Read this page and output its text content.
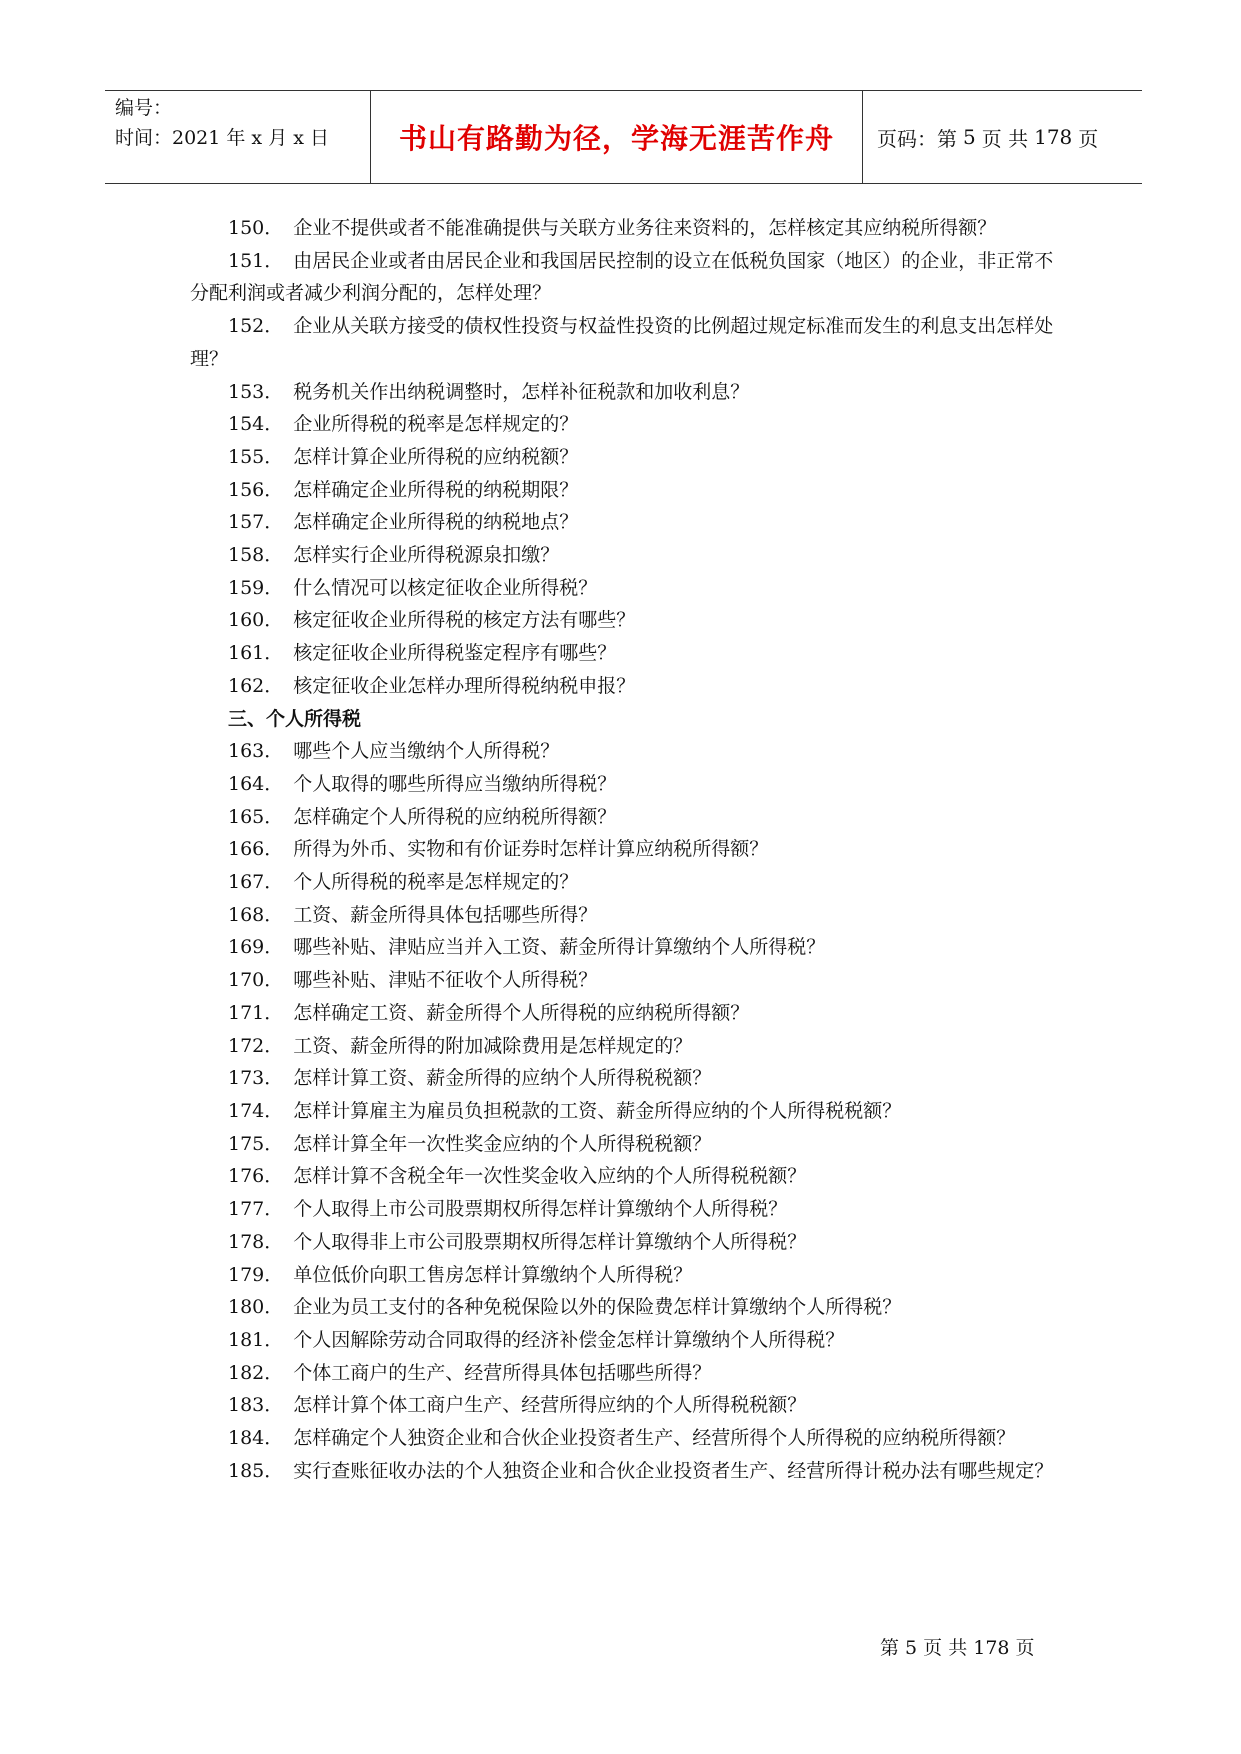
编号：
时间：2021 年 x 月 x 日	书山有路勤为径，学海无涯苦作舟	页码：第 5 页 共 178 页

150． 企业不提供或者不能准确提供与关联方业务往来资料的，怎样核定其应纳税所得额？

151． 由居民企业或者由居民企业和我国居民控制的设立在低税负国家（地区）的企业，非正常不分配利润或者减少利润分配的，怎样处理？

152． 企业从关联方接受的债权性投资与权益性投资的比例超过规定标准而发生的利息支出怎样处理？

153． 税务机关作出纳税调整时，怎样补征税款和加收利息？

154． 企业所得税的税率是怎样规定的？

155． 怎样计算企业所得税的应纳税额？

156． 怎样确定企业所得税的纳税期限？

157． 怎样确定企业所得税的纳税地点？

158． 怎样实行企业所得税源泉扣缴？

159． 什么情况可以核定征收企业所得税？

160． 核定征收企业所得税的核定方法有哪些？

161． 核定征收企业所得税鉴定程序有哪些？

162． 核定征收企业怎样办理所得税纳税申报？

三、个人所得税

163． 哪些个人应当缴纳个人所得税？

164． 个人取得的哪些所得应当缴纳所得税？

165． 怎样确定个人所得税的应纳税所得额？

166． 所得为外币、实物和有价证券时怎样计算应纳税所得额？

167． 个人所得税的税率是怎样规定的？

168． 工资、薪金所得具体包括哪些所得？

169． 哪些补贴、津贴应当并入工资、薪金所得计算缴纳个人所得税？

170． 哪些补贴、津贴不征收个人所得税？

171． 怎样确定工资、薪金所得个人所得税的应纳税所得额？

172． 工资、薪金所得的附加减除费用是怎样规定的？

173． 怎样计算工资、薪金所得的应纳个人所得税税额？

174． 怎样计算雇主为雇员负担税款的工资、薪金所得应纳的个人所得税税额？

175． 怎样计算全年一次性奖金应纳的个人所得税税额？

176． 怎样计算不含税全年一次性奖金收入应纳的个人所得税税额？

177． 个人取得上市公司股票期权所得怎样计算缴纳个人所得税？

178． 个人取得非上市公司股票期权所得怎样计算缴纳个人所得税？

179． 单位低价向职工售房怎样计算缴纳个人所得税？

180． 企业为员工支付的各种免税保险以外的保险费怎样计算缴纳个人所得税？

181． 个人因解除劳动合同取得的经济补偿金怎样计算缴纳个人所得税？

182． 个体工商户的生产、经营所得具体包括哪些所得？

183． 怎样计算个体工商户生产、经营所得应纳的个人所得税税额？

184． 怎样确定个人独资企业和合伙企业投资者生产、经营所得个人所得税的应纳税所得额？

185． 实行查账征收办法的个人独资企业和合伙企业投资者生产、经营所得计税办法有哪些规定？

第 5 页 共 178 页
